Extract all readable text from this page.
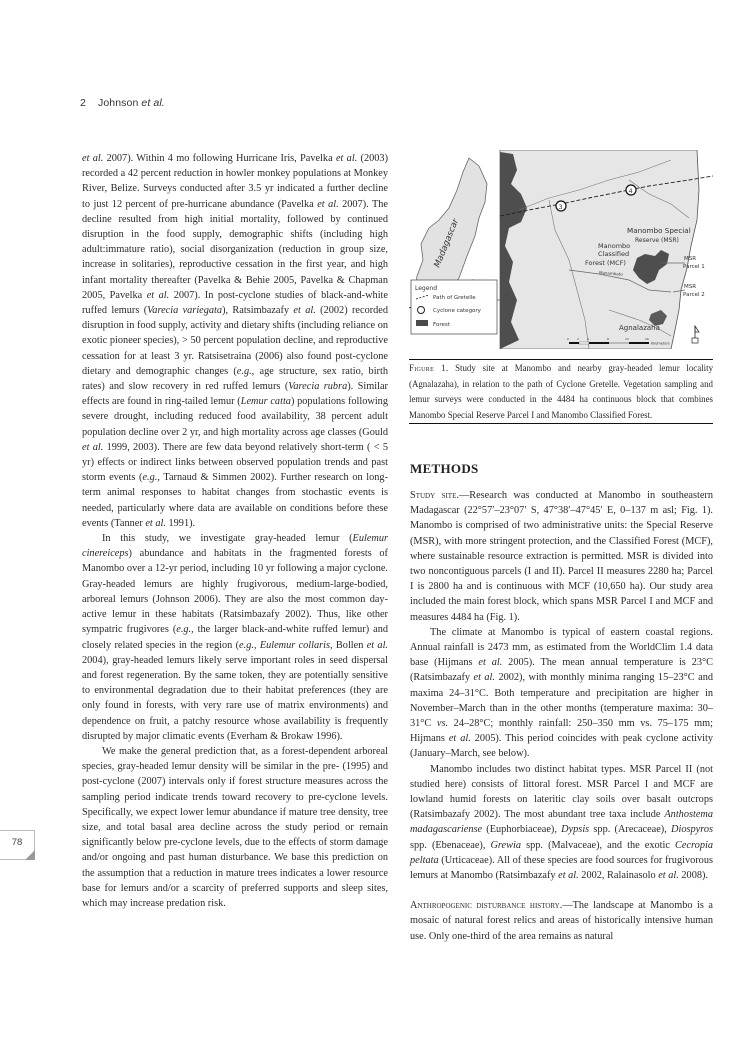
2 Johnson et al.

et al. 2007). Within 4 mo following Hurricane Iris, Pavelka et al. (2003) recorded a 42 percent reduction in howler monkey populations at Monkey River, Belize. Surveys conducted after 3.5 yr indicated a further decline to just 12 percent of pre-hurricane abundance (Pavelka et al. 2007). The decline resulted from high initial mortality, followed by continued disruption in the food supply, demographic shifts (including high adult:immature ratio), social disorganization (reduction in group size, increase in solitaries), reproductive cessation in the first year, and high infant mortality thereafter (Pavelka & Behie 2005, Pavelka & Chapman 2005, Pavelka et al. 2007). In post-cyclone studies of black-and-white ruffed lemurs (Varecia variegata), Ratsimbazafy et al. (2002) recorded disruption in food supply, activity and dietary shifts (including reliance on exotic pioneer species), > 50 percent population decline, and reproductive cessation for at least 3 yr. Ratsisetraina (2006) also found post-cyclone dietary and demographic changes (e.g., age structure, sex ratio, birth rates) and slow recovery in red ruffed lemurs (Varecia rubra). Similar effects are found in ring-tailed lemur (Lemur catta) populations following severe drought, including reduced food availability, 38 percent adult population decline over 2 yr, and high mortality across age classes (Gould et al. 1999, 2003). There are few data beyond relatively short-term ( < 5 yr) effects or indirect links between observed population trends and past storm events (e.g., Tarnaud & Simmen 2002). Further research on long-term animal responses to habitat changes from stochastic events is needed, particularly where data are available on conditions before these events (Tanner et al. 1991).

In this study, we investigate gray-headed lemur (Eulemur cinereiceps) abundance and habitats in the fragmented forests of Manombo over a 12-yr period, including 10 yr following a major cyclone. Gray-headed lemurs are highly frugivorous, medium-large-bodied, arboreal lemurs (Johnson 2006). They are also the most common day-active lemur in these habitats (Ratsimbazafy 2002). Thus, like other sympatric frugivores (e.g., the larger black-and-white ruffed lemur) and closely related species in the region (e.g., Eulemur collaris, Bollen et al. 2004), gray-headed lemurs likely serve important roles in seed dispersal and forest regeneration. By the same token, they are potentially sensitive to environmental degradation due to their habitat preferences (they are only found in forests, with very rare use of matrix environments) and dependence on fruit, a patchy resource whose availability is frequently disrupted by major climatic events (Everham & Brokaw 1996).

We make the general prediction that, as a forest-dependent arboreal species, gray-headed lemur density will be similar in the pre- (1995) and post-cyclone (2007) intervals only if forest structure measures across the sampling period indicate trends toward recovery to pre-cyclone levels. Specifically, we expect lower lemur abundance if mature tree density, tree size, and total basal area decline across the study period or remain significantly below pre-cyclone levels, due to the effects of storm damage and/or ongoing and past human disturbance. We base this prediction on the assumption that a reduction in mature trees indicates a lower resource base for lemurs and/or a scarcity of preferred supports and sleep sites, which may increase predation risk.

Madagascar
Legend
Path of Gretelle
Cyclone category
Forest
3
4
Manombo Special
Reserve (MSR)
Manombo
Classified
Forest (MCF)	MSR
Parcel 1
MSR
Parcel 2
Manambato
Agnalazaha
0	2	4	8	12	16
Kilometers
Figure 1. Study site at Manombo and nearby gray-headed lemur locality (Agnalazaha), in relation to the path of Cyclone Gretelle. Vegetation sampling and lemur surveys were conducted in the 4484 ha continuous block that combines Manombo Special Reserve Parcel I and Manombo Classified Forest.
METHODS

Study site.—Research was conducted at Manombo in southeastern Madagascar (22°57′–23°07′ S, 47°38′–47°45′ E, 0–137 m asl; Fig. 1). Manombo is comprised of two administrative units: the Special Reserve (MSR), with more stringent protection, and the Classified Forest (MCF), where sustainable resource extraction is permitted. MSR is divided into two noncontiguous parcels (I and II). Parcel II measures 2280 ha; Parcel I is 2800 ha and is continuous with MCF (10,650 ha). Our study area included the main forest block, which spans MSR Parcel I and MCF and measures 4484 ha (Fig. 1).

The climate at Manombo is typical of eastern coastal regions. Annual rainfall is 2473 mm, as estimated from the WorldClim 1.4 data base (Hijmans et al. 2005). The mean annual temperature is 23°C (Ratsimbazafy et al. 2002), with monthly minima ranging 15–23°C and maxima 24–31°C. Both temperature and precipitation are higher in November–March than in the other months (temperature maxima: 30–31°C vs. 24–28°C; monthly rainfall: 250–350 mm vs. 75–175 mm; Hijmans et al. 2005). This period coincides with peak cyclone activity (January–March, see below).

Manombo includes two distinct habitat types. MSR Parcel II (not studied here) consists of littoral forest. MSR Parcel I and MCF are lowland humid forests on lateritic clay soils over basalt outcrops (Ratsimbazafy 2002). The most abundant tree taxa include Anthostema madagascariense (Euphorbiaceae), Dypsis spp. (Arecaceae), Diospyros spp. (Ebenaceae), Grewia spp. (Malvaceae), and the exotic Cecropia peltata (Urticaceae). All of these species are food sources for frugivorous lemurs at Manombo (Ratsimbazafy et al. 2002, Ralainasolo et al. 2008).

Anthropogenic disturbance history.—The landscape at Manombo is a mosaic of natural forest relics and areas of historically intensive human use. Only one-third of the area remains as natural

78
